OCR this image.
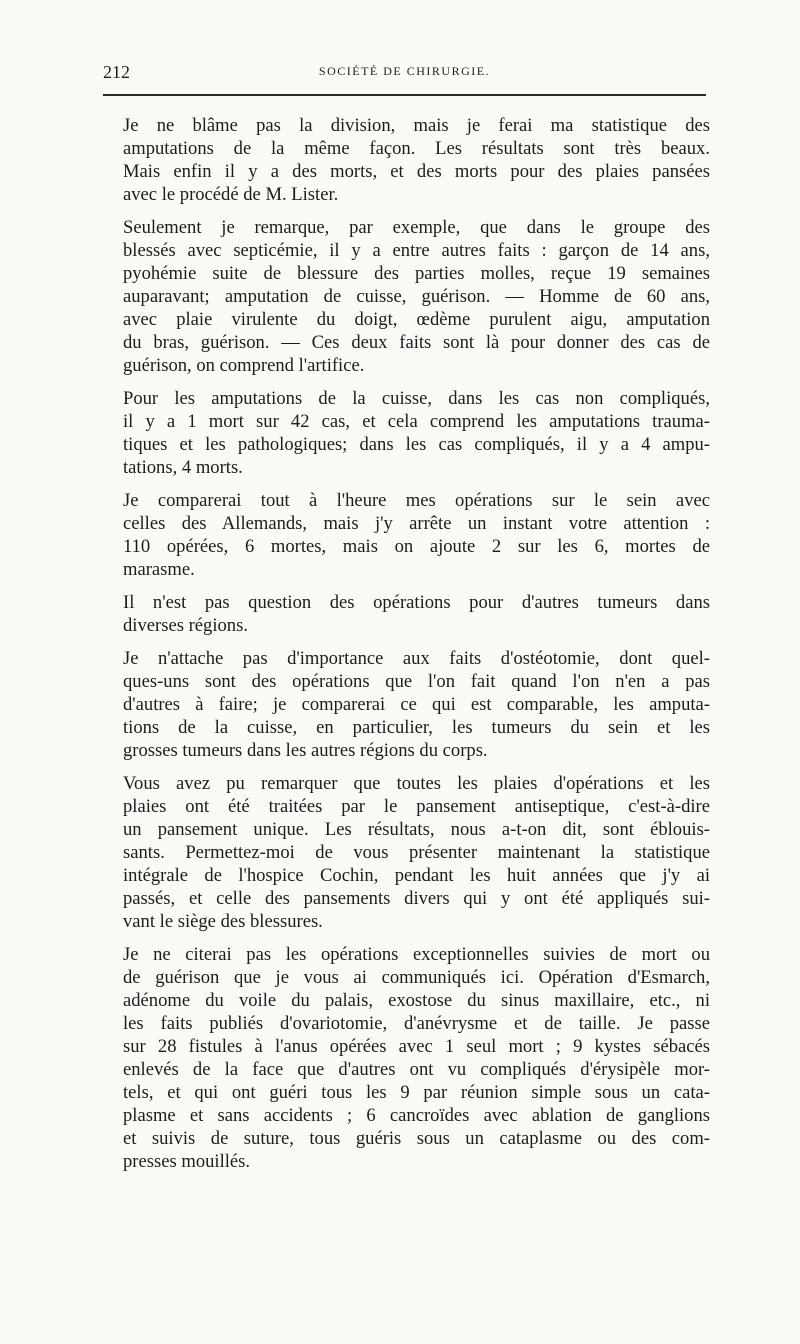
212	SOCIÉTÉ DE CHIRURGIE.

Je ne blâme pas la division, mais je ferai ma statistique des
amputations de la même façon. Les résultats sont très beaux.
Mais enfin il y a des morts, et des morts pour des plaies pansées
avec le procédé de M. Lister.

Seulement je remarque, par exemple, que dans le groupe des
blessés avec septicémie, il y a entre autres faits : garçon de 14 ans,
pyohémie suite de blessure des parties molles, reçue 19 semaines
auparavant; amputation de cuisse, guérison. — Homme de 60 ans,
avec plaie virulente du doigt, œdème purulent aigu, amputation
du bras, guérison. — Ces deux faits sont là pour donner des cas de
guérison, on comprend l'artifice.

Pour les amputations de la cuisse, dans les cas non compliqués,
il y a 1 mort sur 42 cas, et cela comprend les amputations trauma-
tiques et les pathologiques; dans les cas compliqués, il y a 4 ampu-
tations, 4 morts.

Je comparerai tout à l'heure mes opérations sur le sein avec
celles des Allemands, mais j'y arrête un instant votre attention :
110 opérées, 6 mortes, mais on ajoute 2 sur les 6, mortes de
marasme.

Il n'est pas question des opérations pour d'autres tumeurs dans
diverses régions.

Je n'attache pas d'importance aux faits d'ostéotomie, dont quel-
ques-uns sont des opérations que l'on fait quand l'on n'en a pas
d'autres à faire; je comparerai ce qui est comparable, les amputa-
tions de la cuisse, en particulier, les tumeurs du sein et les
grosses tumeurs dans les autres régions du corps.

Vous avez pu remarquer que toutes les plaies d'opérations et les
plaies ont été traitées par le pansement antiseptique, c'est-à-dire
un pansement unique. Les résultats, nous a-t-on dit, sont éblouis-
sants. Permettez-moi de vous présenter maintenant la statistique
intégrale de l'hospice Cochin, pendant les huit années que j'y ai
passés, et celle des pansements divers qui y ont été appliqués sui-
vant le siège des blessures.

Je ne citerai pas les opérations exceptionnelles suivies de mort ou
de guérison que je vous ai communiqués ici. Opération d'Esmarch,
adénome du voile du palais, exostose du sinus maxillaire, etc., ni
les faits publiés d'ovariotomie, d'anévrysme et de taille. Je passe
sur 28 fistules à l'anus opérées avec 1 seul mort ; 9 kystes sébacés
enlevés de la face que d'autres ont vu compliqués d'érysipèle mor-
tels, et qui ont guéri tous les 9 par réunion simple sous un cata-
plasme et sans accidents ; 6 cancroïdes avec ablation de ganglions
et suivis de suture, tous guéris sous un cataplasme ou des com-
presses mouillés.
